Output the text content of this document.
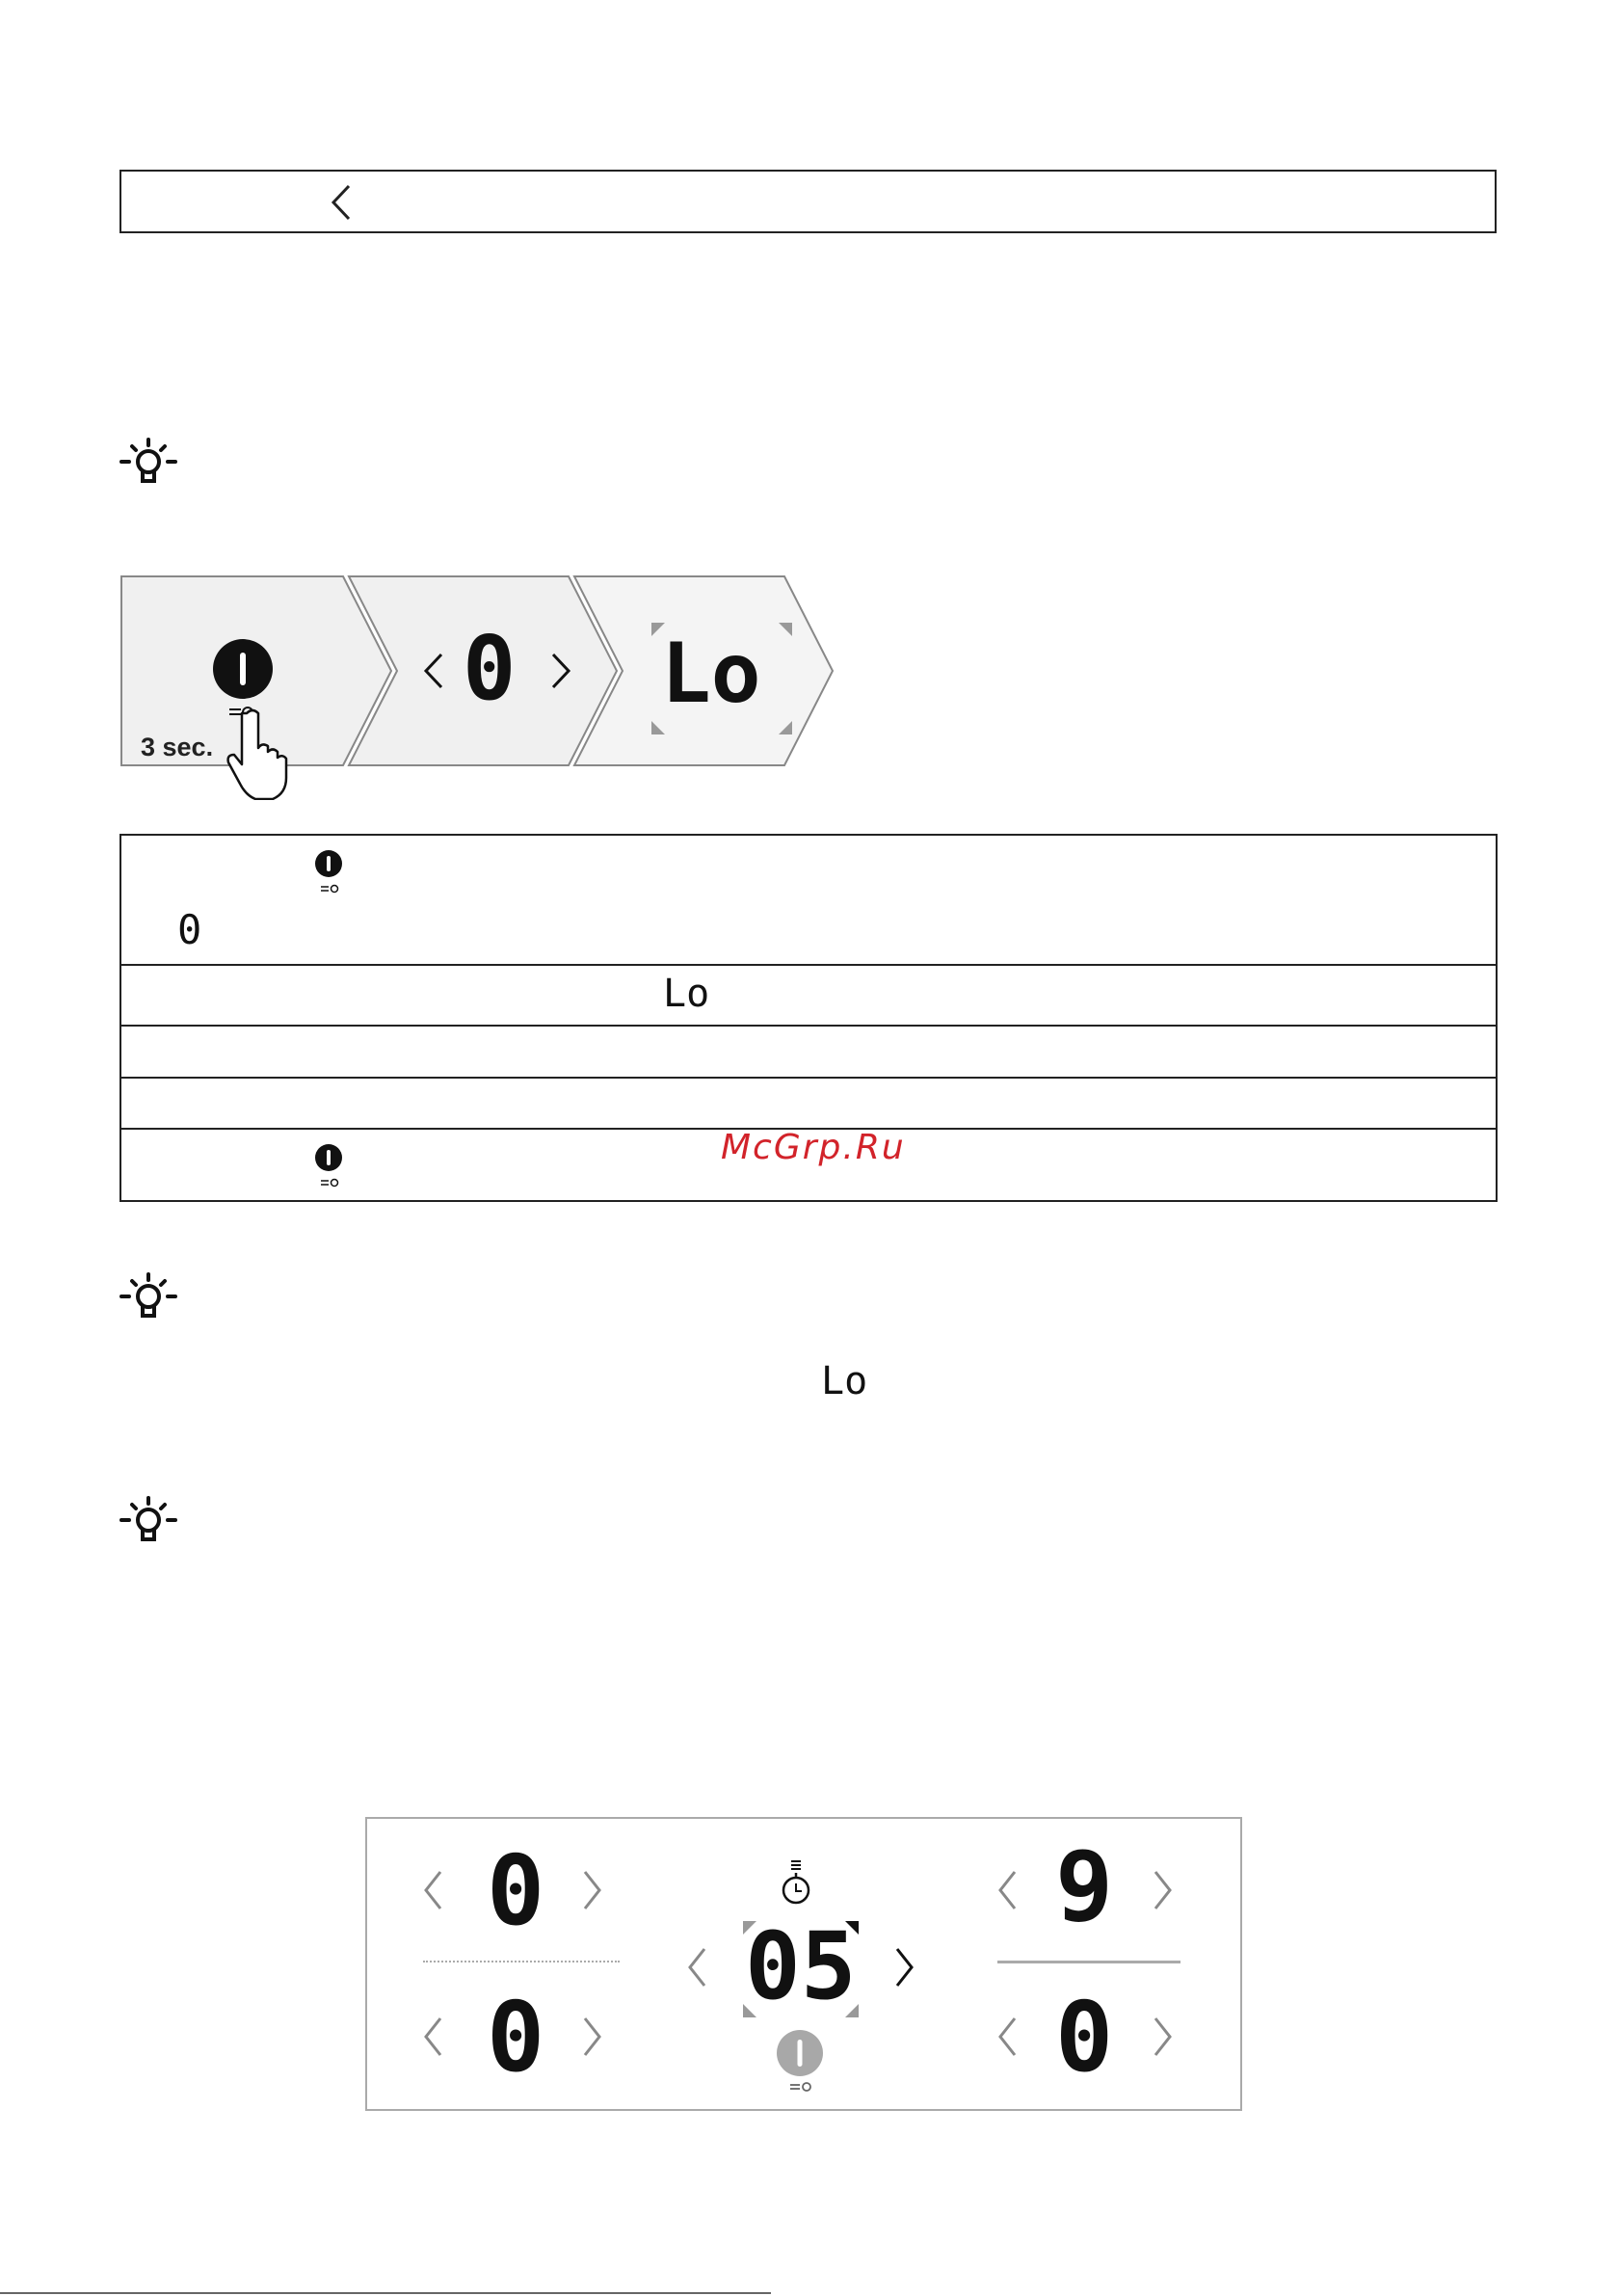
3 sec.
0 Lo
0
Lo
McGrp.Ru
Lo
0
0
05
9
0
